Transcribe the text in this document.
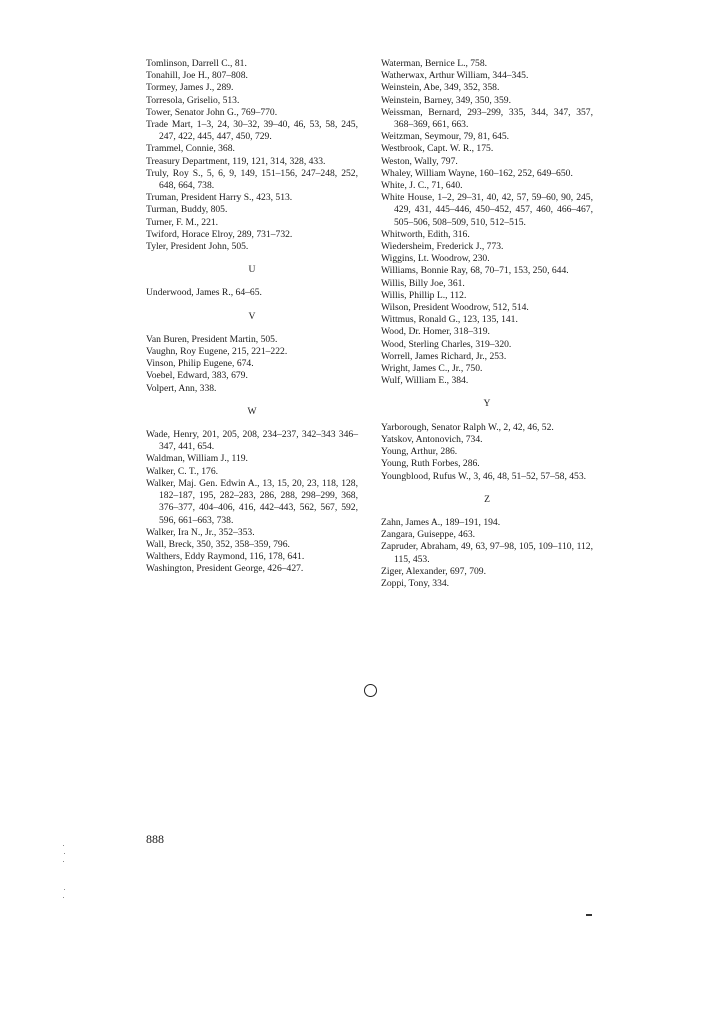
Tomlinson, Darrell C., 81.
Tonahill, Joe H., 807–808.
Tormey, James J., 289.
Torresola, Griselio, 513.
Tower, Senator John G., 769–770.
Trade Mart, 1–3, 24, 30–32, 39–40, 46, 53, 58, 245, 247, 422, 445, 447, 450, 729.
Trammel, Connie, 368.
Treasury Department, 119, 121, 314, 328, 433.
Truly, Roy S., 5, 6, 9, 149, 151–156, 247–248, 252, 648, 664, 738.
Truman, President Harry S., 423, 513.
Turman, Buddy, 805.
Turner, F. M., 221.
Twiford, Horace Elroy, 289, 731–732.
Tyler, President John, 505.
U
Underwood, James R., 64–65.
V
Van Buren, President Martin, 505.
Vaughn, Roy Eugene, 215, 221–222.
Vinson, Philip Eugene, 674.
Voebel, Edward, 383, 679.
Volpert, Ann, 338.
W
Wade, Henry, 201, 205, 208, 234–237, 342–343 346–347, 441, 654.
Waldman, William J., 119.
Walker, C. T., 176.
Walker, Maj. Gen. Edwin A., 13, 15, 20, 23, 118, 128, 182–187, 195, 282–283, 286, 288, 298–299, 368, 376–377, 404–406, 416, 442–443, 562, 567, 592, 596, 661–663, 738.
Walker, Ira N., Jr., 352–353.
Wall, Breck, 350, 352, 358–359, 796.
Walthers, Eddy Raymond, 116, 178, 641.
Washington, President George, 426–427.
Waterman, Bernice L., 758.
Watherwax, Arthur William, 344–345.
Weinstein, Abe, 349, 352, 358.
Weinstein, Barney, 349, 350, 359.
Weissman, Bernard, 293–299, 335, 344, 347, 357, 368–369, 661, 663.
Weitzman, Seymour, 79, 81, 645.
Westbrook, Capt. W. R., 175.
Weston, Wally, 797.
Whaley, William Wayne, 160–162, 252, 649–650.
White, J. C., 71, 640.
White House, 1–2, 29–31, 40, 42, 57, 59–60, 90, 245, 429, 431, 445–446, 450–452, 457, 460, 466–467, 505–506, 508–509, 510, 512–515.
Whitworth, Edith, 316.
Wiedersheim, Frederick J., 773.
Wiggins, Lt. Woodrow, 230.
Williams, Bonnie Ray, 68, 70–71, 153, 250, 644.
Willis, Billy Joe, 361.
Willis, Phillip L., 112.
Wilson, President Woodrow, 512, 514.
Wittmus, Ronald G., 123, 135, 141.
Wood, Dr. Homer, 318–319.
Wood, Sterling Charles, 319–320.
Worrell, James Richard, Jr., 253.
Wright, James C., Jr., 750.
Wulf, William E., 384.
Y
Yarborough, Senator Ralph W., 2, 42, 46, 52.
Yatskov, Antonovich, 734.
Young, Arthur, 286.
Young, Ruth Forbes, 286.
Youngblood, Rufus W., 3, 46, 48, 51–52, 57–58, 453.
Z
Zahn, James A., 189–191, 194.
Zangara, Guiseppe, 463.
Zapruder, Abraham, 49, 63, 97–98, 105, 109–110, 112, 115, 453.
Ziger, Alexander, 697, 709.
Zoppi, Tony, 334.
888
